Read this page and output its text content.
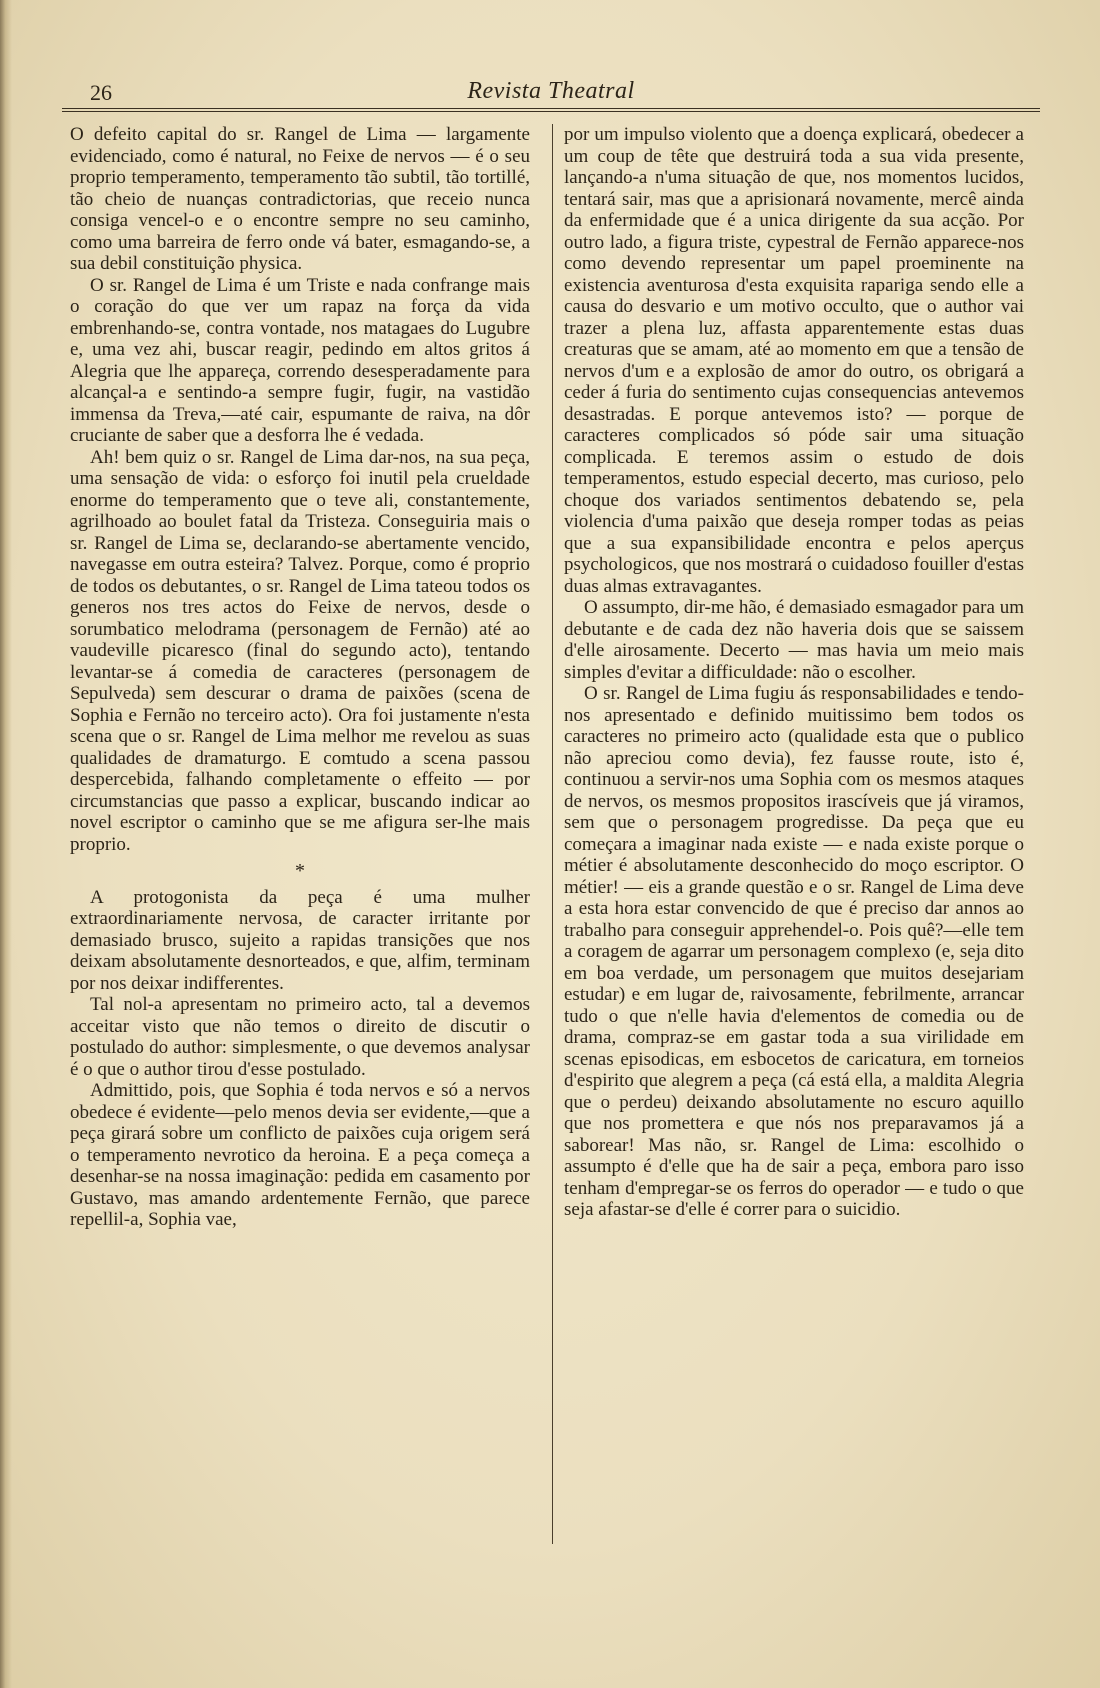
26	Revista Theatral

O defeito capital do sr. Rangel de Lima — largamente evidenciado, como é natural, no Feixe de nervos — é o seu proprio temperamento, temperamento tão subtil, tão tortillé, tão cheio de nuanças contradictorias, que receio nunca consiga vencel-o e o encontre sempre no seu caminho, como uma barreira de ferro onde vá bater, esmagando-se, a sua debil constituição physica.

O sr. Rangel de Lima é um Triste e nada confrange mais o coração do que ver um rapaz na força da vida embrenhando-se, contra vontade, nos matagaes do Lugubre e, uma vez ahi, buscar reagir, pedindo em altos gritos á Alegria que lhe appareça, correndo desesperadamente para alcançal-a e sentindo-a sempre fugir, fugir, na vastidão immensa da Treva,—até cair, espumante de raiva, na dôr cruciante de saber que a desforra lhe é vedada.

Ah! bem quiz o sr. Rangel de Lima dar-nos, na sua peça, uma sensação de vida: o esforço foi inutil pela crueldade enorme do temperamento que o teve ali, constantemente, agrilhoado ao boulet fatal da Tristeza. Conseguiria mais o sr. Rangel de Lima se, declarando-se abertamente vencido, navegasse em outra esteira? Talvez. Porque, como é proprio de todos os debutantes, o sr. Rangel de Lima tateou todos os generos nos tres actos do Feixe de nervos, desde o sorumbatico melodrama (personagem de Fernão) até ao vaudeville picaresco (final do segundo acto), tentando levantar-se á comedia de caracteres (personagem de Sepulveda) sem descurar o drama de paixões (scena de Sophia e Fernão no terceiro acto). Ora foi justamente n'esta scena que o sr. Rangel de Lima melhor me revelou as suas qualidades de dramaturgo. E comtudo a scena passou despercebida, falhando completamente o effeito — por circumstancias que passo a explicar, buscando indicar ao novel escriptor o caminho que se me afigura ser-lhe mais proprio.

*

A protogonista da peça é uma mulher extraordinariamente nervosa, de caracter irritante por demasiado brusco, sujeito a rapidas transições que nos deixam absolutamente desnorteados, e que, alfim, terminam por nos deixar indifferentes.

Tal nol-a apresentam no primeiro acto, tal a devemos acceitar visto que não temos o direito de discutir o postulado do author: simplesmente, o que devemos analysar é o que o author tirou d'esse postulado.

Admittido, pois, que Sophia é toda nervos e só a nervos obedece é evidente—pelo menos devia ser evidente,—que a peça girará sobre um conflicto de paixões cuja origem será o temperamento nevrotico da heroina. E a peça começa a desenhar-se na nossa imaginação: pedida em casamento por Gustavo, mas amando ardentemente Fernão, que parece repellil-a, Sophia vae,

por um impulso violento que a doença explicará, obedecer a um coup de tête que destruirá toda a sua vida presente, lançando-a n'uma situação de que, nos momentos lucidos, tentará sair, mas que a aprisionará novamente, mercê ainda da enfermidade que é a unica dirigente da sua acção. Por outro lado, a figura triste, cypestral de Fernão apparece-nos como devendo representar um papel proeminente na existencia aventurosa d'esta exquisita raparigа sendo elle a causa do desvario e um motivo occulto, que o author vai trazer a plena luz, affasta apparentemente estas duas creaturas que se amam, até ao momento em que a tensão de nervos d'um e a explosão de amor do outro, os obrigará a ceder á furia do sentimento cujas consequencias antevemos desastradas. E porque antevemos isto? — porque de caracteres complicados só póde sair uma situação complicada. E teremos assim o estudo de dois temperamentos, estudo especial decerto, mas curioso, pelo choque dos variados sentimentos debatendo se, pela violencia d'uma paixão que deseja romper todas as peias que a sua expansibilidade encontra e pelos aperçus psychologicos, que nos mostrará o cuidadoso fouiller d'estas duas almas extravagantes.

O assumpto, dir-me hão, é demasiado esmagador para um debutante e de cada dez não haveria dois que se saissem d'elle airosamente. Decerto — mas havia um meio mais simples d'evitar a difficuldade: não o escolher.

O sr. Rangel de Lima fugiu ás responsabilidades e tendo-nos apresentado e definido muitissimo bem todos os caracteres no primeiro acto (qualidade esta que o publico não apreciou como devia), fez fausse route, isto é, continuou a servir-nos uma Sophia com os mesmos ataques de nervos, os mesmos propositos irascíveis que já viramos, sem que o personagem progredisse. Da peça que eu começara a imaginar nada existe — e nada existe porque o métier é absolutamente desconhecido do moço escriptor. O métier! — eis a grande questão e o sr. Rangel de Lima deve a esta hora estar convencido de que é preciso dar annos ao trabalho para conseguir apprehendel-o. Pois quê?—elle tem a coragem de agarrar um personagem complexo (e, seja dito em boa verdade, um personagem que muitos desejariam estudar) e em lugar de, raivosamente, febrilmente, arrancar tudo o que n'elle havia d'elementos de comedia ou de drama, compraz-se em gastar toda a sua virilidade em scenas episodicas, em esbocetos de caricatura, em torneios d'espirito que alegrem a peça (cá está ella, a maldita Alegria que o perdeu) deixando absolutamente no escuro aquillo que nos promettera e que nós nos preparavamos já a saborear! Mas não, sr. Rangel de Lima: escolhido o assumpto é d'elle que ha de sair a peça, embora paro isso tenham d'empregar-se os ferros do operador — e tudo o que seja afastar-se d'elle é correr para o suicidio.
